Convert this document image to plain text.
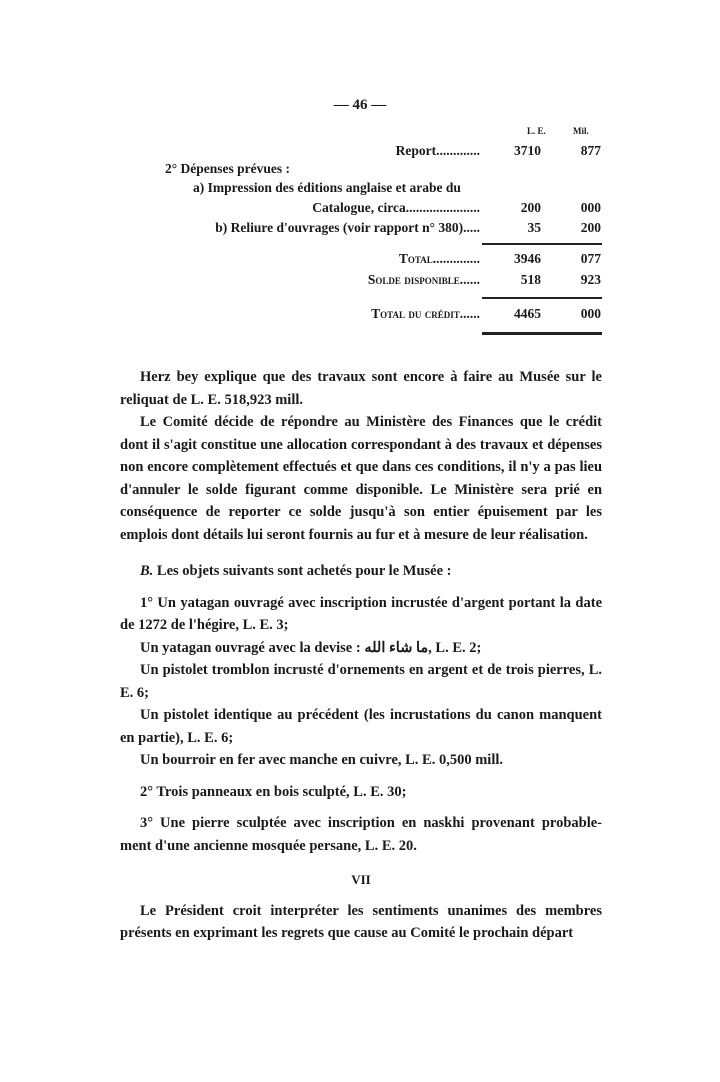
— 46 —
L. E.	Mil.
Report.............	3710	877
2° Dépenses prévues :
a) Impression des éditions anglaise et arabe du
Catalogue, circa......................	200	000
b) Reliure d'ouvrages (voir rapport n° 380).....	35	200
Total..............	3946	077
Solde disponible......	518	923
Total du crédit......	4465	000

Herz bey explique que des travaux sont encore à faire au Musée sur le reliquat de L. E. 518,923 mill.

Le Comité décide de répondre au Ministère des Finances que le crédit dont il s'agit constitue une allocation correspondant à des travaux et dépenses non encore complètement effectués et que dans ces conditions, il n'y a pas lieu d'annuler le solde figurant comme disponible. Le Ministère sera prié en conséquence de reporter ce solde jusqu'à son entier épuisement par les emplois dont détails lui seront fournis au fur et à mesure de leur réalisation.

B. Les objets suivants sont achetés pour le Musée :

1° Un yatagan ouvragé avec inscription incrustée d'argent portant la date de 1272 de l'hégire, L. E. 3;

Un yatagan ouvragé avec la devise : ما شاء الله, L. E. 2;

Un pistolet tromblon incrusté d'ornements en argent et de trois pierres, L. E. 6;

Un pistolet identique au précédent (les incrustations du canon manquent en partie), L. E. 6;

Un bourroir en fer avec manche en cuivre, L. E. 0,500 mill.

2° Trois panneaux en bois sculpté, L. E. 30;

3° Une pierre sculptée avec inscription en naskhi provenant probable- ment d'une ancienne mosquée persane, L. E. 20.

VII

Le Président croit interpréter les sentiments unanimes des membres présents en exprimant les regrets que cause au Comité le prochain départ
